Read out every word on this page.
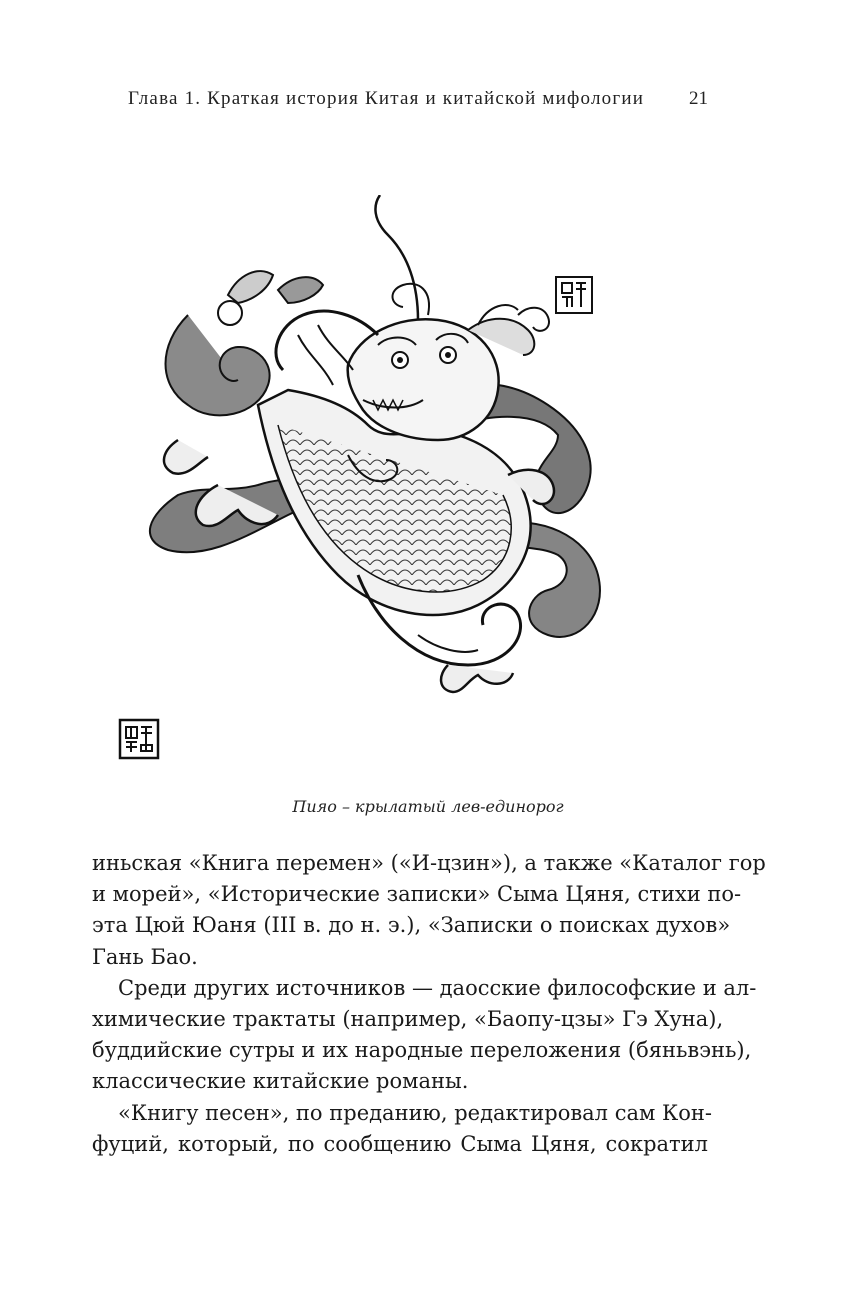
Глава 1. Краткая история Китая и китайской мифологии 21
Пияо – крылатый лев-единорог
иньская «Книга перемен» («И-цзин»), а также «Каталог гор
и морей», «Исторические записки» Сыма Цяня, стихи по-
эта Цюй Юаня (III в. до н. э.), «Записки о поисках духов»
Гань Бао.
Среди других источников — даосские философские и ал-
химические трактаты (например, «Баопу-цзы» Гэ Хуна),
буддийские сутры и их народные переложения (бяньвэнь),
классические китайские романы.
«Книгу песен», по преданию, редактировал сам Кон-
фуций, который, по сообщению Сыма Цяня, сократил
